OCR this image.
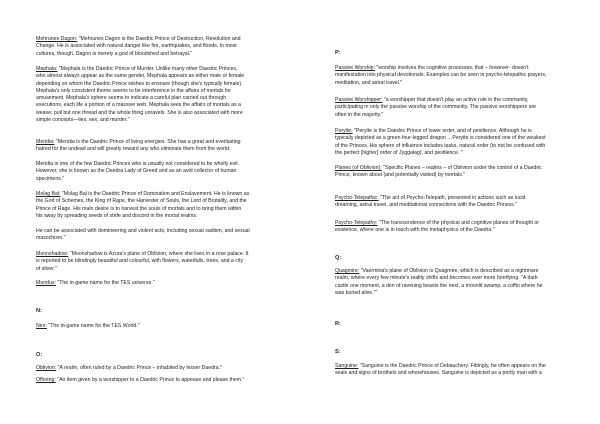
Mehrunes Dagon: "Mehrunes Dagon is the Daedric Prince of Destruction, Revolution and
Change. He is associated with natural danger like fire, earthquakes, and floods. In most
cultures, though, Dagon is merely a god of bloodshed and betrayal."

Mephala: "Mephala is the Daedric Prince of Murder. Unlike many other Daedric Princes,
who almost always appear as the same gender, Mephala appears as either male or female
depending on whom the Daedric Prince wishes to ensnare (though she's typically female).
Mephala's only consistent theme seems to be interference in the affairs of mortals for
amusement. Mephala's sphere seems to indicate a careful plan carried out through
executions, each life a portion of a massive web. Mephala sees the affairs of mortals as a
weave; pull but one thread and the whole thing unravels. She is also associated with more
simple concepts—lies, sex, and murder."

Meridia: "Meridia is the Daedric Prince of living energies. She has a great and everlasting
hatred for the undead and will greatly reward any who eliminate them from the world.

Meridia is one of the few Daedric Princes who is usually not considered to be wholly evil.
However, she is known as the Daedra Lady of Greed and as an avid collector of human
specimens."

Molag Bal: "Molag Bal is the Daedric Prince of Domination and Enslavement. He is known as
the God of Schemes, the King of Rape, the Harvester of Souls, the Lord of Brutality, and the
Prince of Rage. His main desire is to harvest the souls of mortals and to bring them within
his sway by spreading seeds of strife and discord in the mortal realms.

He can be associated with domineering and violent acts, including sexual sadism, and sexual
masochism."

Moonshadow: "Moonshadow is Azura's plane of Oblivion, where she lives in a rose palace. It
is reported to be blindingly beautiful and colourful, with flowers, waterfalls, trees, and a city
of silver."

Mundus: "The in-game name for the TES universe."

N:

Nirn: "The in-game name for the TES World."

O:

Oblivion: "A realm, often ruled by a Daedric Prince – inhabited by lesser Daedra."

Offering: "An item given by a worshipper to a Daedric Prince to appease and please them."

P:

Passive Worship: "worship involves the cognitive processes, that – however- doesn't
manifestation into physical devotionals. Examples can be seen in psycho-telepathic prayers,
meditation, and astral travel."

Passive Worshipper: "a worshipper that doesn't play an active role in the community,
participating in only the passive worship of the community. The passive worshippers are
often in the majority."

Peryite: "Peryite is the Daedric Prince of lower order, and of pestilence. Although he is
typically depicted as a green four-legged dragon …Peryite is considered one of the weakest
of the Princes. His sphere of influence includes tasks, natural order (to not be confused with
the perfect [higher] order of Jyggalag), and pestilence. "

Planes (of Oblivion): "Specific Planes – realms – of Oblivion under the control of a Daedric
Prince, known about (and potentially visited) by mortals."

Psycho-Telepathic: "The act of Psycho-Telepath, presented in actions such as lucid
dreaming, astral travel, and meditational connections with the Daedric Princes."

Psycho-Telepathy: "The transcendence of the physical and cognitive planes of thought or
existence, where one is in touch with the metaphysics of the Daedra."

Q:

Quagmire: "Vaermina's plane of Oblivion is Quagmire, which is described as a nightmare
realm, where every few minute's reality shifts and becomes ever more horrifying. "A dark
castle one moment, a den of ravening beasts the next, a moonlit swamp, a coffin where he
was buried alive.""

R:

S:

Sanguine: "Sanguine is the Daedric Prince of Debauchery. Fittingly, he often appears on the
seals and signs of brothels and whorehouses. Sanguine is depicted as a portly man with a
